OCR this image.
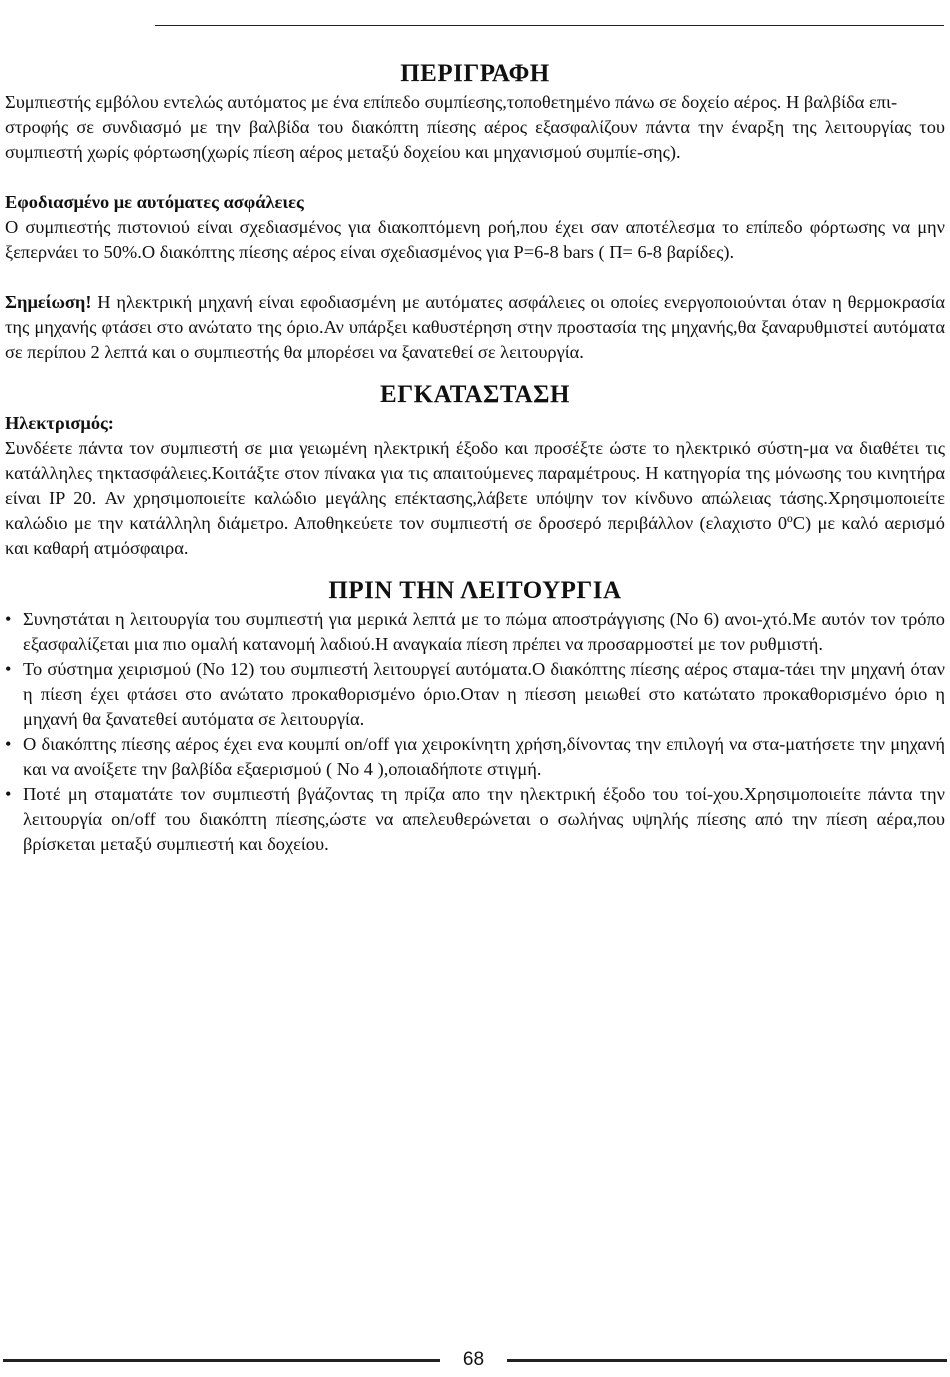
ΠΕΡΙΓΡΑΦΗ

Συμπιεστής εμβόλου εντελώς αυτόματος με ένα επίπεδο συμπίεσης,τοποθετημένο πάνω σε δοχείο αέρος. Η βαλβίδα επι-

στροφής σε συνδιασμό με την βαλβίδα του διακόπτη πίεσης αέρος εξασφαλίζουν πάντα την έναρξη της λειτουργίας του συμπιεστή χωρίς φόρτωση(χωρίς πίεση αέρος μεταξύ δοχείου και μηχανισμού συμπίε-σης).

Εφοδιασμένο με αυτόματες ασφάλειες

Ο συμπιεστής πιστονιού είναι σχεδιασμένος για διακοπτόμενη ροή,που έχει σαν αποτέλεσμα το επίπεδο φόρτωσης να μην ξεπερνάει το 50%.Ο διακόπτης πίεσης αέρος είναι σχεδιασμένος για P=6-8 bars ( Π= 6-8 βαρίδες).

Σημείωση! Η ηλεκτρική μηχανή είναι εφοδιασμένη με αυτόματες ασφάλειες οι οποίες ενεργοποιούνται όταν η θερμοκρασία της μηχανής φτάσει στο ανώτατο της όριο.Αν υπάρξει καθυστέρηση στην προστασία της μηχανής,θα ξαναρυθμιστεί αυτόματα σε περίπου 2 λεπτά και ο συμπιεστής θα μπορέσει να ξανατεθεί σε λειτουργία.

ΕΓΚΑΤΑΣΤΑΣΗ

Ηλεκτρισμός:

Συνδέετε πάντα τον συμπιεστή σε μια γειωμένη ηλεκτρική έξοδο και προσέξτε ώστε το ηλεκτρικό σύστη-μα να διαθέτει τις κατάλληλες τηκτασφάλειες.Κοιτάξτε στον πίνακα για τις απαιτούμενες παραμέτρους. Η κατηγορία της μόνωσης του κινητήρα είναι IP 20. Αν χρησιμοποιείτε καλώδιο μεγάλης επέκτασης,λάβετε υπόψην τον κίνδυνο απώλειας τάσης.Χρησιμοποιείτε καλώδιο με την κατάλληλη διάμετρο. Αποθηκεύετε τον συμπιεστή σε δροσερό περιβάλλον (ελαχιστο 0ºC) με καλό αερισμό και καθαρή ατμόσφαιρα.

ΠΡΙΝ ΤΗΝ ΛΕΙΤΟΥΡΓΙΑ
• Συνηστάται η λειτουργία του συμπιεστή για μερικά λεπτά με το πώμα αποστράγγισης (No 6) ανοι-χτό.Με αυτόν τον τρόπο εξασφαλίζεται μια πιο ομαλή κατανομή λαδιού.Η αναγκαία πίεση πρέπει να προσαρμοστεί με τον ρυθμιστή.
• Το σύστημα χειρισμού (No 12) του συμπιεστή λειτουργεί αυτόματα.Ο διακόπτης πίεσης αέρος σταμα-τάει την μηχανή όταν η πίεση έχει φτάσει στο ανώτατο προκαθορισμένο όριο.Οταν η πίεσση μειωθεί στο κατώτατο προκαθορισμένο όριο η μηχανή θα ξανατεθεί αυτόματα σε λειτουργία.
• Ο διακόπτης πίεσης αέρος έχει ενα κουμπί on/off για χειροκίνητη χρήση,δίνοντας την επιλογή να στα-ματήσετε την μηχανή και να ανοίξετε την βαλβίδα εξαερισμού ( No 4 ),οποιαδήποτε στιγμή.
• Ποτέ μη σταματάτε τον συμπιεστή βγάζοντας τη πρίζα απο την ηλεκτρική έξοδο του τοί-χου.Χρησιμοποιείτε πάντα την λειτουργία on/off του διακόπτη πίεσης,ώστε να απελευθερώνεται ο σωλήνας υψηλής πίεσης από την πίεση αέρα,που βρίσκεται μεταξύ συμπιεστή και δοχείου.
68
